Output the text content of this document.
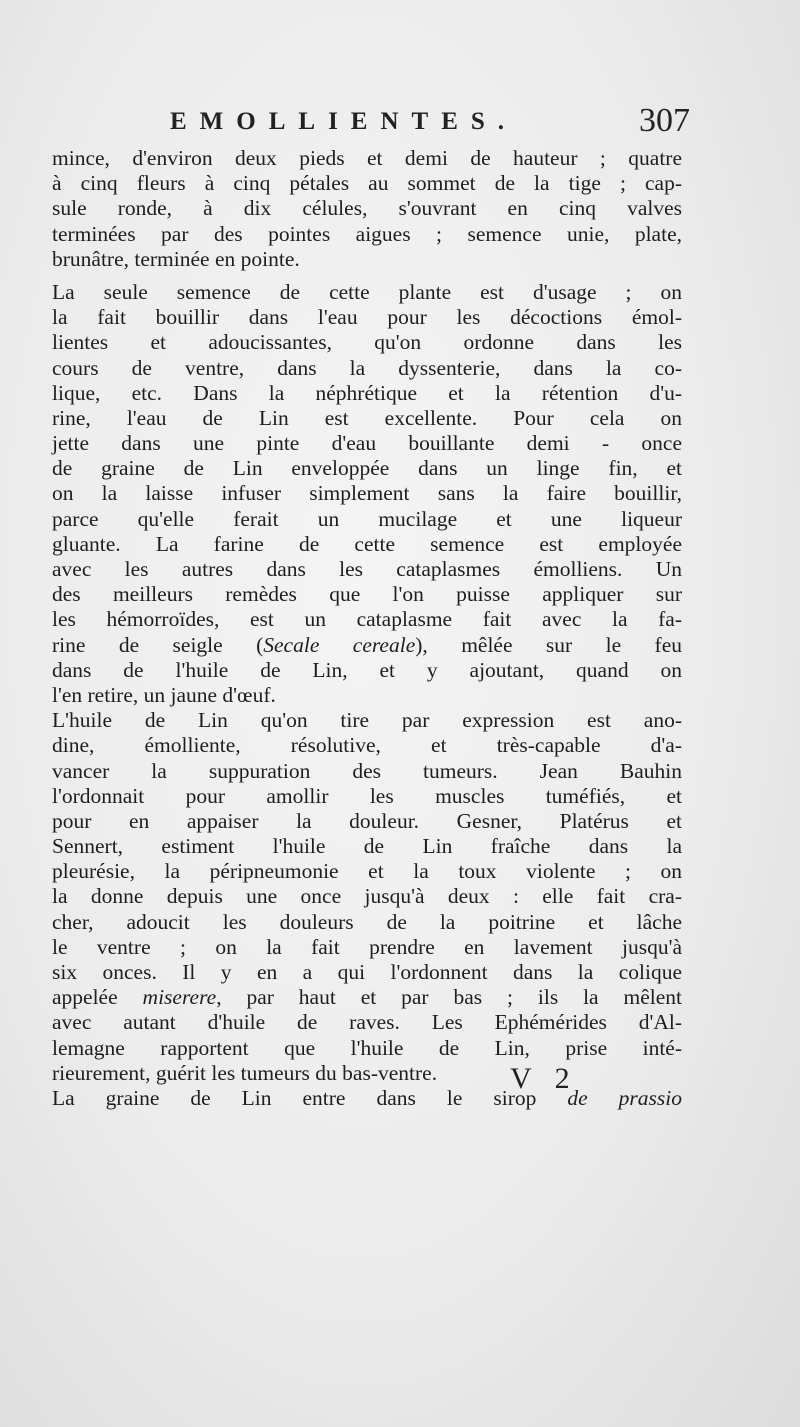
EMOLLIENTES.	307
mince, d'environ deux pieds et demi de hauteur ; quatre
à cinq fleurs à cinq pétales au sommet de la tige ; cap-
sule ronde, à dix célules, s'ouvrant en cinq valves
terminées par des pointes aigues ; semence unie, plate,
brunâtre, terminée en pointe.
La seule semence de cette plante est d'usage ; on
la fait bouillir dans l'eau pour les décoctions émol-
lientes et adoucissantes, qu'on ordonne dans les
cours de ventre, dans la dyssenterie, dans la co-
lique, etc. Dans la néphrétique et la rétention d'u-
rine, l'eau de Lin est excellente. Pour cela on
jette dans une pinte d'eau bouillante demi - once
de graine de Lin enveloppée dans un linge fin, et
on la laisse infuser simplement sans la faire bouillir,
parce qu'elle ferait un mucilage et une liqueur
gluante. La farine de cette semence est employée
avec les autres dans les cataplasmes émolliens. Un
des meilleurs remèdes que l'on puisse appliquer sur
les hémorroïdes, est un cataplasme fait avec la fa-
rine de seigle (Secale cereale), mêlée sur le feu
dans de l'huile de Lin, et y ajoutant, quand on
l'en retire, un jaune d'œuf.
L'huile de Lin qu'on tire par expression est ano-
dine, émolliente, résolutive, et très-capable d'a-
vancer la suppuration des tumeurs. Jean Bauhin
l'ordonnait pour amollir les muscles tuméfiés, et
pour en appaiser la douleur. Gesner, Platérus et
Sennert, estiment l'huile de Lin fraîche dans la
pleurésie, la péripneumonie et la toux violente ; on
la donne depuis une once jusqu'à deux : elle fait cra-
cher, adoucit les douleurs de la poitrine et lâche
le ventre ; on la fait prendre en lavement jusqu'à
six onces. Il y en a qui l'ordonnent dans la colique
appelée miserere, par haut et par bas ; ils la mêlent
avec autant d'huile de raves. Les Ephémérides d'Al-
lemagne rapportent que l'huile de Lin, prise inté-
rieurement, guérit les tumeurs du bas-ventre.
La graine de Lin entre dans le sirop de prassio
V 2
